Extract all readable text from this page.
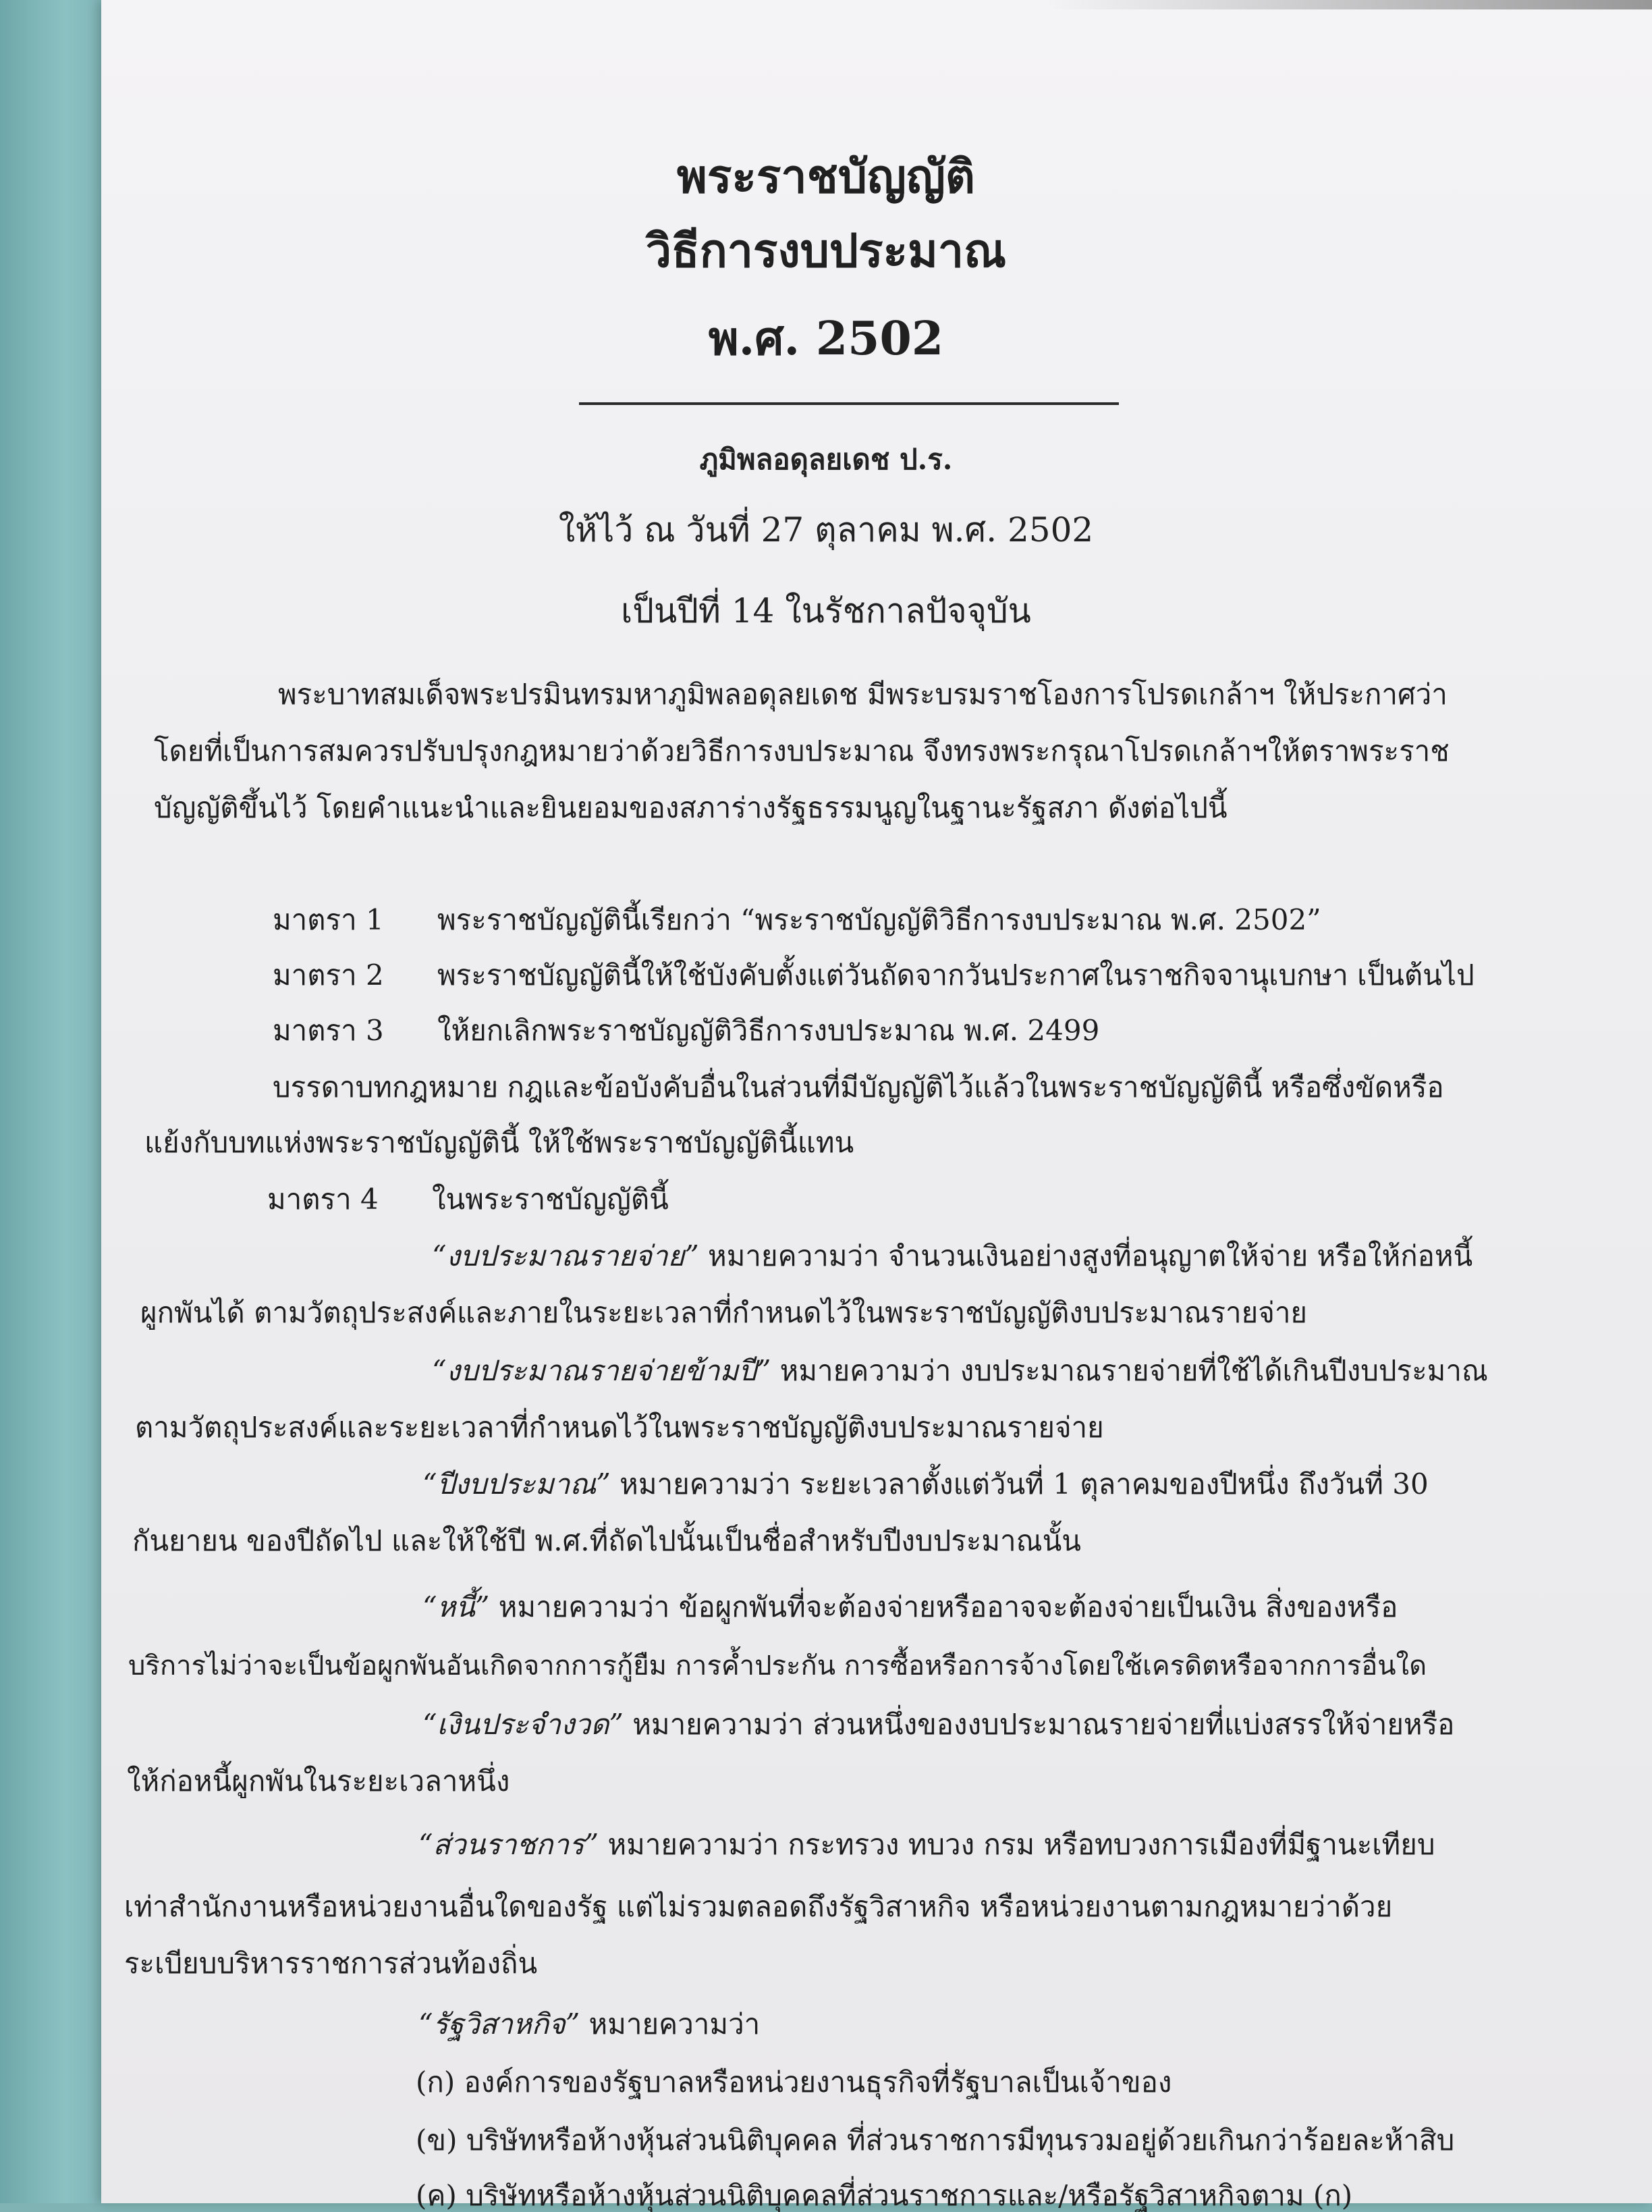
พระราชบัญญัติ
วิธีการงบประมาณ
พ.ศ. 2502
ภูมิพลอดุลยเดช ป.ร.
ให้ไว้ ณ วันที่ 27 ตุลาคม พ.ศ. 2502
เป็นปีที่ 14 ในรัชกาลปัจจุบัน
พระบาทสมเด็จพระปรมินทรมหาภูมิพลอดุลยเดช มีพระบรมราชโองการโปรดเกล้าฯ ให้ประกาศว่า
โดยที่เป็นการสมควรปรับปรุงกฎหมายว่าด้วยวิธีการงบประมาณ จึงทรงพระกรุณาโปรดเกล้าฯให้ตราพระราช
บัญญัติขึ้นไว้ โดยคำแนะนำและยินยอมของสภาร่างรัฐธรรมนูญในฐานะรัฐสภา ดังต่อไปนี้
มาตรา 1 พระราชบัญญัตินี้เรียกว่า “พระราชบัญญัติวิธีการงบประมาณ พ.ศ. 2502”
มาตรา 2 พระราชบัญญัตินี้ให้ใช้บังคับตั้งแต่วันถัดจากวันประกาศในราชกิจจานุเบกษา เป็นต้นไป
มาตรา 3 ให้ยกเลิกพระราชบัญญัติวิธีการงบประมาณ พ.ศ. 2499
บรรดาบทกฎหมาย กฎและข้อบังคับอื่นในส่วนที่มีบัญญัติไว้แล้วในพระราชบัญญัตินี้ หรือซึ่งขัดหรือ
แย้งกับบทแห่งพระราชบัญญัตินี้ ให้ใช้พระราชบัญญัตินี้แทน
มาตรา 4 ในพระราชบัญญัตินี้
“งบประมาณรายจ่าย” หมายความว่า จำนวนเงินอย่างสูงที่อนุญาตให้จ่าย หรือให้ก่อหนี้
ผูกพันได้ ตามวัตถุประสงค์และภายในระยะเวลาที่กำหนดไว้ในพระราชบัญญัติงบประมาณรายจ่าย
“งบประมาณรายจ่ายข้ามปี” หมายความว่า งบประมาณรายจ่ายที่ใช้ได้เกินปีงบประมาณ
ตามวัตถุประสงค์และระยะเวลาที่กำหนดไว้ในพระราชบัญญัติงบประมาณรายจ่าย
“ปีงบประมาณ” หมายความว่า ระยะเวลาตั้งแต่วันที่ 1 ตุลาคมของปีหนึ่ง ถึงวันที่ 30
กันยายน ของปีถัดไป และให้ใช้ปี พ.ศ.ที่ถัดไปนั้นเป็นชื่อสำหรับปีงบประมาณนั้น
“หนี้” หมายความว่า ข้อผูกพันที่จะต้องจ่ายหรืออาจจะต้องจ่ายเป็นเงิน สิ่งของหรือ
บริการไม่ว่าจะเป็นข้อผูกพันอันเกิดจากการกู้ยืม การค้ำประกัน การซื้อหรือการจ้างโดยใช้เครดิตหรือจากการอื่นใด
“เงินประจำงวด” หมายความว่า ส่วนหนึ่งของงบประมาณรายจ่ายที่แบ่งสรรให้จ่ายหรือ
ให้ก่อหนี้ผูกพันในระยะเวลาหนึ่ง
“ส่วนราชการ” หมายความว่า กระทรวง ทบวง กรม หรือทบวงการเมืองที่มีฐานะเทียบ
เท่าสำนักงานหรือหน่วยงานอื่นใดของรัฐ แต่ไม่รวมตลอดถึงรัฐวิสาหกิจ หรือหน่วยงานตามกฎหมายว่าด้วย
ระเบียบบริหารราชการส่วนท้องถิ่น
“รัฐวิสาหกิจ” หมายความว่า
(ก) องค์การของรัฐบาลหรือหน่วยงานธุรกิจที่รัฐบาลเป็นเจ้าของ
(ข) บริษัทหรือห้างหุ้นส่วนนิติบุคคล ที่ส่วนราชการมีทุนรวมอยู่ด้วยเกินกว่าร้อยละห้าสิบ
(ค) บริษัทหรือห้างหุ้นส่วนนิติบุคคลที่ส่วนราชการและ/หรือรัฐวิสาหกิจตาม (ก)
